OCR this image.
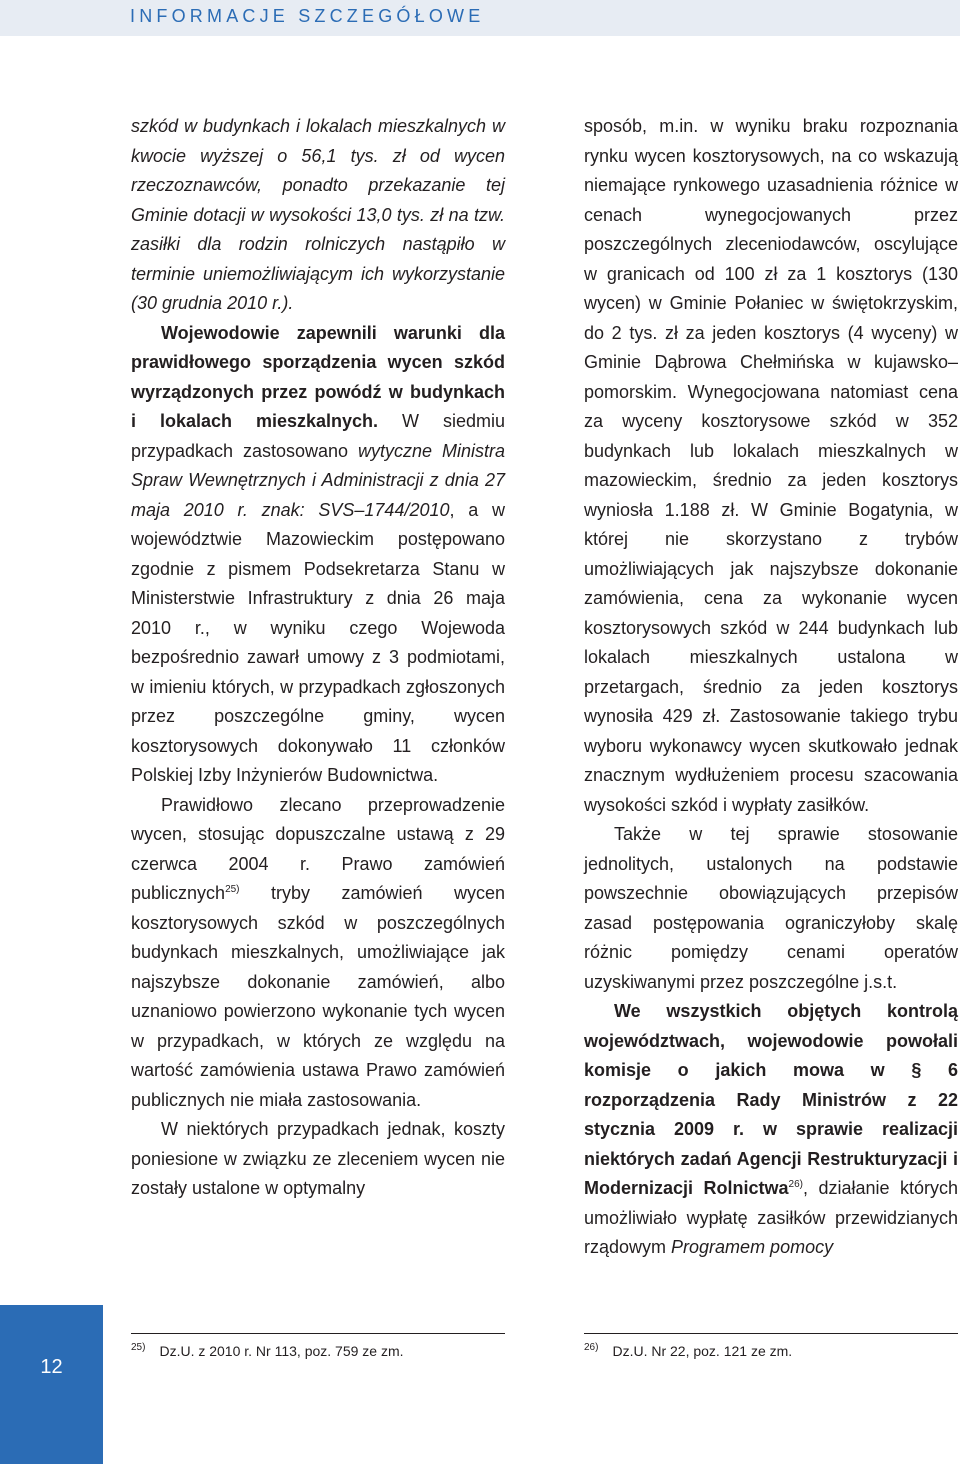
INFORMACJE SZCZEGÓŁOWE

szkód w budynkach i lokalach mieszkalnych w kwocie wyższej o 56,1 tys. zł od wycen rzeczoznawców, ponadto przekazanie tej Gminie dotacji w wysokości 13,0 tys. zł na tzw. zasiłki dla rodzin rolniczych nastąpiło w terminie uniemożliwiającym ich wykorzystanie (30 grudnia 2010 r.).

Wojewodowie zapewnili warunki dla prawidłowego sporządzenia wycen szkód wyrządzonych przez powódź w budynkach i lokalach mieszkalnych. W siedmiu przypadkach zastosowano wytyczne Ministra Spraw Wewnętrznych i Administracji z dnia 27 maja 2010 r. znak: SVS–1744/2010, a w województwie Mazowieckim postępowano zgodnie z pismem Podsekretarza Stanu w Ministerstwie Infrastruktury z dnia 26 maja 2010 r., w wyniku czego Wojewoda bezpośrednio zawarł umowy z 3 podmiotami, w imieniu których, w przypadkach zgłoszonych przez poszczególne gminy, wycen kosztorysowych dokonywało 11 członków Polskiej Izby Inżynierów Budownictwa.

Prawidłowo zlecano przeprowadzenie wycen, stosując dopuszczalne ustawą z 29 czerwca 2004 r. Prawo zamówień publicznych$^{25)}$ tryby zamówień wycen kosztorysowych szkód w poszczególnych budynkach mieszkalnych, umożliwiające jak najszybsze dokonanie zamówień, albo uznaniowo powierzono wykonanie tych wycen w przypadkach, w których ze względu na wartość zamówienia ustawa Prawo zamówień publicznych nie miała zastosowania.

W niektórych przypadkach jednak, koszty poniesione w związku ze zleceniem wycen nie zostały ustalone w optymalny

sposób, m.in. w wyniku braku rozpoznania rynku wycen kosztorysowych, na co wskazują niemające rynkowego uzasadnienia różnice w cenach wynegocjowanych przez poszczególnych zleceniodawców, oscylujące w granicach od 100 zł za 1 kosztorys (130 wycen) w Gminie Połaniec w świętokrzyskim, do 2 tys. zł za jeden kosztorys (4 wyceny) w Gminie Dąbrowa Chełmińska w kujawsko–pomorskim. Wynegocjowana natomiast cena za wyceny kosztorysowe szkód w 352 budynkach lub lokalach mieszkalnych w mazowieckim, średnio za jeden kosztorys wyniosła 1.188 zł. W Gminie Bogatynia, w której nie skorzystano z trybów umożliwiających jak najszybsze dokonanie zamówienia, cena za wykonanie wycen kosztorysowych szkód w 244 budynkach lub lokalach mieszkalnych ustalona w przetargach, średnio za jeden kosztorys wynosiła 429 zł. Zastosowanie takiego trybu wyboru wykonawcy wycen skutkowało jednak znacznym wydłużeniem procesu szacowania wysokości szkód i wypłaty zasiłków.

Także w tej sprawie stosowanie jednolitych, ustalonych na podstawie powszechnie obowiązujących przepisów zasad postępowania ograniczyłoby skalę różnic pomiędzy cenami operatów uzyskiwanymi przez poszczególne j.s.t.

We wszystkich objętych kontrolą województwach, wojewodowie powołali komisje o jakich mowa w § 6 rozporządzenia Rady Ministrów z 22 stycznia 2009 r. w sprawie realizacji niektórych zadań Agencji Restrukturyzacji i Modernizacji Rolnictwa$^{26)}$, działanie których umożliwiało wypłatę zasiłków przewidzianych rządowym Programem pomocy

$^{25)}$ Dz.U. z 2010 r. Nr 113, poz. 759 ze zm.	$^{26)}$ Dz.U. Nr 22, poz. 121 ze zm.
12
